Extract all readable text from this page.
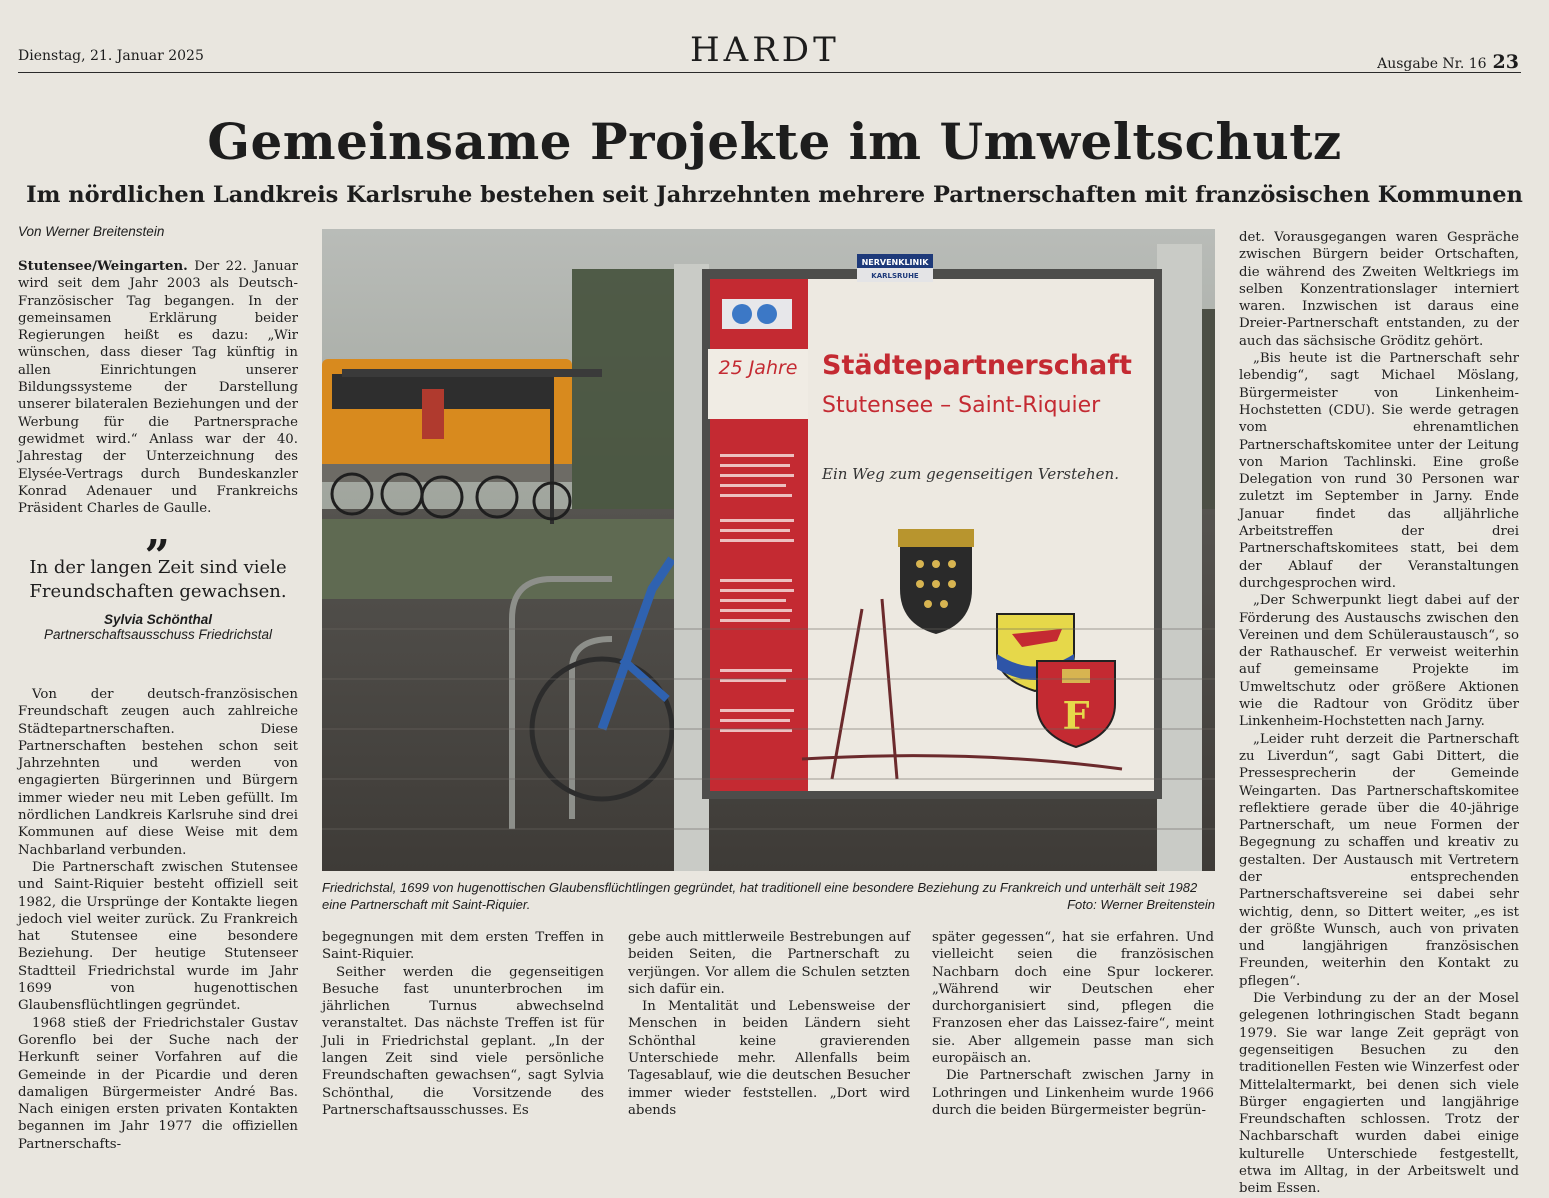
Dienstag, 21. Januar 2025	HARDT	Ausgabe Nr. 16 23
Gemeinsame Projekte im Umweltschutz
Im nördlichen Landkreis Karlsruhe bestehen seit Jahrzehnten mehrere Partnerschaften mit französischen Kommunen
Von Werner Breitenstein

Stutensee/Weingarten. Der 22. Januar wird seit dem Jahr 2003 als Deutsch-Französischer Tag begangen. In der gemeinsamen Erklärung beider Regierungen heißt es dazu: „Wir wünschen, dass dieser Tag künftig in allen Einrichtungen unserer Bildungssysteme der Darstellung unserer bilateralen Beziehungen und der Werbung für die Partnersprache gewidmet wird.“ Anlass war der 40. Jahrestag der Unterzeichnung des Elysée-Vertrags durch Bundeskanzler Konrad Adenauer und Frankreichs Präsident Charles de Gaulle.

„
In der langen Zeit sind viele Freundschaften gewachsen.
Sylvia Schönthal
Partnerschaftsausschuss Friedrichstal

Von der deutsch-französischen Freundschaft zeugen auch zahlreiche Städtepartnerschaften. Diese Partnerschaften bestehen schon seit Jahrzehnten und werden von engagierten Bürgerinnen und Bürgern immer wieder neu mit Leben gefüllt. Im nördlichen Landkreis Karlsruhe sind drei Kommunen auf diese Weise mit dem Nachbarland verbunden.

Die Partnerschaft zwischen Stutensee und Saint-Riquier besteht offiziell seit 1982, die Ursprünge der Kontakte liegen jedoch viel weiter zurück. Zu Frankreich hat Stutensee eine besondere Beziehung. Der heutige Stutenseer Stadtteil Friedrichstal wurde im Jahr 1699 von hugenottischen Glaubensflüchtlingen gegründet.

1968 stieß der Friedrichstaler Gustav Gorenflo bei der Suche nach der Herkunft seiner Vorfahren auf die Gemeinde in der Picardie und deren damaligen Bürgermeister André Bas. Nach einigen ersten privaten Kontakten begannen im Jahr 1977 die offiziellen Partnerschafts-

25 Jahre
NERVENKLINIK
KARLSRUHE
Städtepartnerschaft
Stutensee – Saint-Riquier
Ein Weg zum gegenseitigen Verstehen.
F
Friedrichstal, 1699 von hugenottischen Glaubensflüchtlingen gegründet, hat traditionell eine besondere Beziehung zu Frankreich und unterhält seit 1982 eine Partnerschaft mit Saint-Riquier.	Foto: Werner Breitenstein

begegnungen mit dem ersten Treffen in Saint-Riquier.

Seither werden die gegenseitigen Besuche fast ununterbrochen im jährlichen Turnus abwechselnd veranstaltet. Das nächste Treffen ist für Juli in Friedrichstal geplant. „In der langen Zeit sind viele persönliche Freundschaften gewachsen“, sagt Sylvia Schönthal, die Vorsitzende des Partnerschaftsausschusses. Es

gebe auch mittlerweile Bestrebungen auf beiden Seiten, die Partnerschaft zu verjüngen. Vor allem die Schulen setzten sich dafür ein.

In Mentalität und Lebensweise der Menschen in beiden Ländern sieht Schönthal keine gravierenden Unterschiede mehr. Allenfalls beim Tagesablauf, wie die deutschen Besucher immer wieder feststellen. „Dort wird abends

später gegessen“, hat sie erfahren. Und vielleicht seien die französischen Nachbarn doch eine Spur lockerer. „Während wir Deutschen eher durchorganisiert sind, pflegen die Franzosen eher das Laissez-faire“, meint sie. Aber allgemein passe man sich europäisch an.

Die Partnerschaft zwischen Jarny in Lothringen und Linkenheim wurde 1966 durch die beiden Bürgermeister begrün-

det. Vorausgegangen waren Gespräche zwischen Bürgern beider Ortschaften, die während des Zweiten Weltkriegs im selben Konzentrationslager interniert waren. Inzwischen ist daraus eine Dreier-Partnerschaft entstanden, zu der auch das sächsische Gröditz gehört.

„Bis heute ist die Partnerschaft sehr lebendig“, sagt Michael Möslang, Bürgermeister von Linkenheim-Hochstetten (CDU). Sie werde getragen vom ehrenamtlichen Partnerschaftskomitee unter der Leitung von Marion Tachlinski. Eine große Delegation von rund 30 Personen war zuletzt im September in Jarny. Ende Januar findet das alljährliche Arbeitstreffen der drei Partnerschaftskomitees statt, bei dem der Ablauf der Veranstaltungen durchgesprochen wird.

„Der Schwerpunkt liegt dabei auf der Förderung des Austauschs zwischen den Vereinen und dem Schüleraustausch“, so der Rathauschef. Er verweist weiterhin auf gemeinsame Projekte im Umweltschutz oder größere Aktionen wie die Radtour von Gröditz über Linkenheim-Hochstetten nach Jarny.

„Leider ruht derzeit die Partnerschaft zu Liverdun“, sagt Gabi Dittert, die Pressesprecherin der Gemeinde Weingarten. Das Partnerschaftskomitee reflektiere gerade über die 40-jährige Partnerschaft, um neue Formen der Begegnung zu schaffen und kreativ zu gestalten. Der Austausch mit Vertretern der entsprechenden Partnerschaftsvereine sei dabei sehr wichtig, denn, so Dittert weiter, „es ist der größte Wunsch, auch von privaten und langjährigen französischen Freunden, weiterhin den Kontakt zu pflegen“.

Die Verbindung zu der an der Mosel gelegenen lothringischen Stadt begann 1979. Sie war lange Zeit geprägt von gegenseitigen Besuchen zu den traditionellen Festen wie Winzerfest oder Mittelaltermarkt, bei denen sich viele Bürger engagierten und langjährige Freundschaften schlossen. Trotz der Nachbarschaft wurden dabei einige kulturelle Unterschiede festgestellt, etwa im Alltag, in der Arbeitswelt und beim Essen.
